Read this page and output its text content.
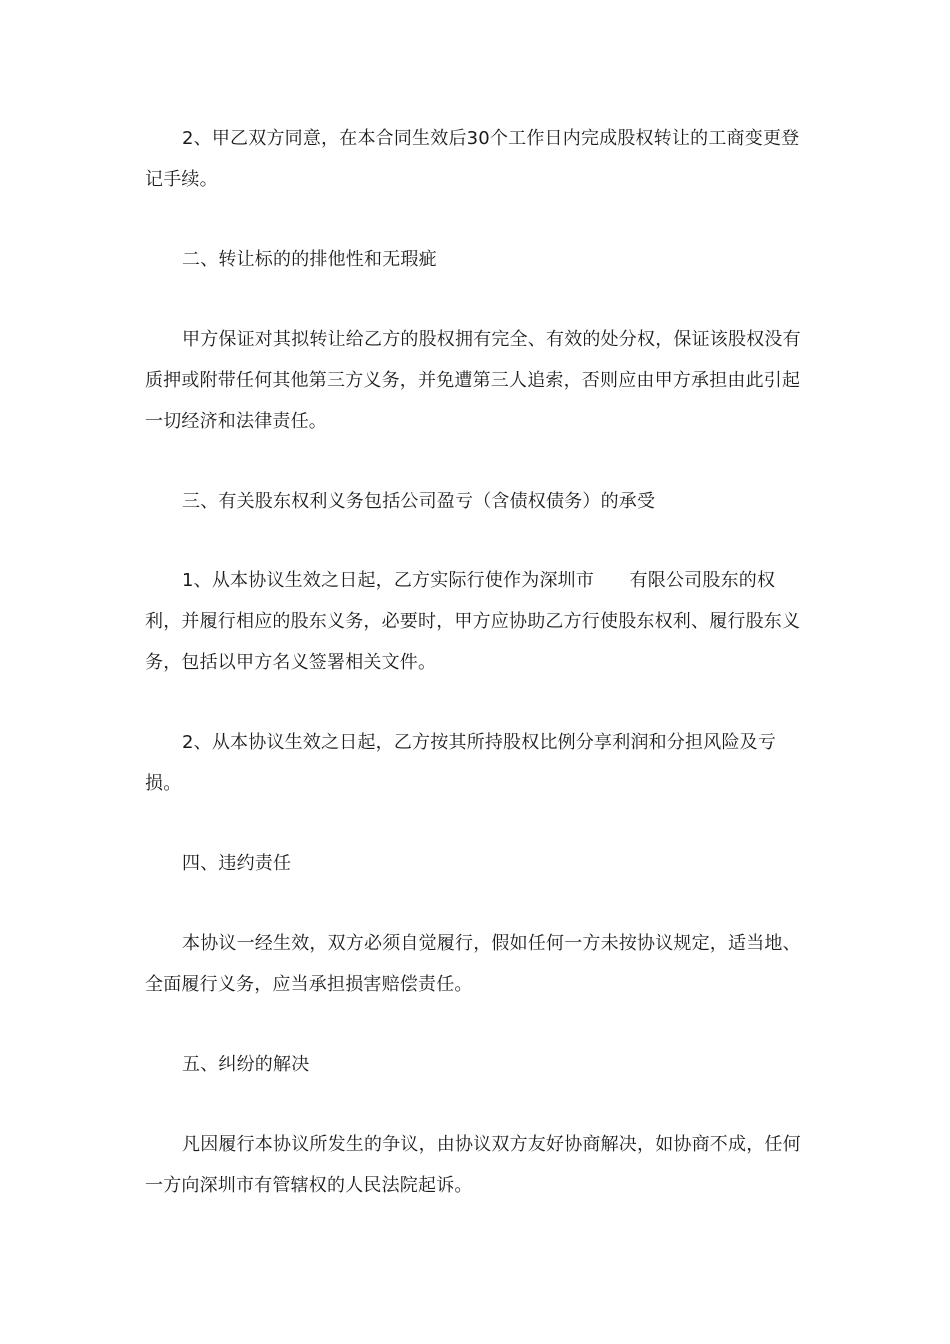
2、甲乙双方同意，在本合同生效后30个工作日内完成股权转让的工商变更登记手续。
二、转让标的的排他性和无瑕疵
甲方保证对其拟转让给乙方的股权拥有完全、有效的处分权，保证该股权没有质押或附带任何其他第三方义务，并免遭第三人追索，否则应由甲方承担由此引起一切经济和法律责任。
三、有关股东权利义务包括公司盈亏（含债权债务）的承受
1、从本协议生效之日起，乙方实际行使作为深圳市      有限公司股东的权利，并履行相应的股东义务，必要时，甲方应协助乙方行使股东权利、履行股东义务，包括以甲方名义签署相关文件。
2、从本协议生效之日起，乙方按其所持股权比例分享利润和分担风险及亏损。
四、违约责任
本协议一经生效，双方必须自觉履行，假如任何一方未按协议规定，适当地、全面履行义务，应当承担损害赔偿责任。
五、纠纷的解决
凡因履行本协议所发生的争议，由协议双方友好协商解决，如协商不成，任何一方向深圳市有管辖权的人民法院起诉。
